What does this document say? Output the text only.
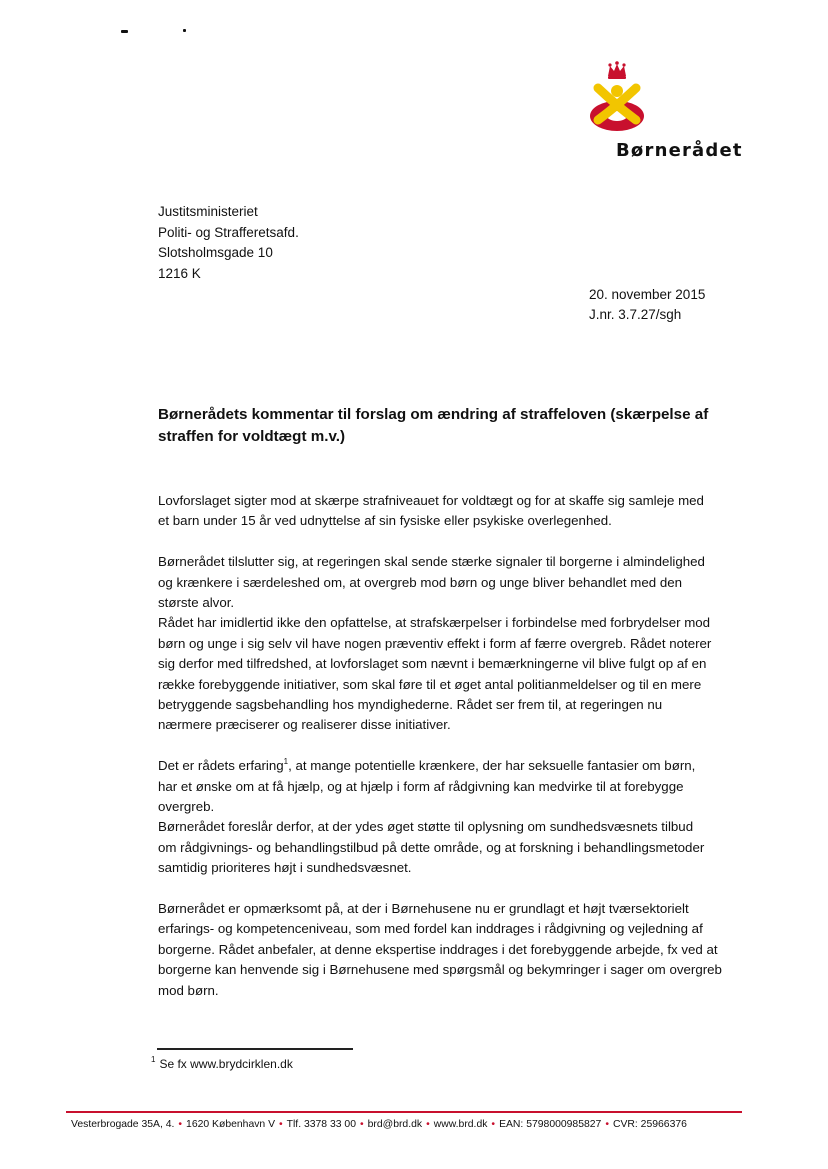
Børnerådet
Justitsministeriet
Politi- og Strafferetsafd.
Slotsholmsgade 10
1216 K
20. november 2015
J.nr. 3.7.27/sgh
Børnerådets kommentar til forslag om ændring af straffeloven (skærpelse af
straffen for voldtægt m.v.)

Lovforslaget sigter mod at skærpe strafniveauet for voldtægt og for at skaffe sig samleje med
et barn under 15 år ved udnyttelse af sin fysiske eller psykiske overlegenhed.

Børnerådet tilslutter sig, at regeringen skal sende stærke signaler til borgerne i almindelighed
og krænkere i særdeleshed om, at overgreb mod børn og unge bliver behandlet med den
største alvor.

Rådet har imidlertid ikke den opfattelse, at strafskærpelser i forbindelse med forbrydelser mod
børn og unge i sig selv vil have nogen præventiv effekt i form af færre overgreb. Rådet noterer
sig derfor med tilfredshed, at lovforslaget som nævnt i bemærkningerne vil blive fulgt op af en
række forebyggende initiativer, som skal føre til et øget antal politianmeldelser og til en mere
betryggende sagsbehandling hos myndighederne. Rådet ser frem til, at regeringen nu
nærmere præciserer og realiserer disse initiativer.

Det er rådets erfaring$^1$, at mange potentielle krænkere, der har seksuelle fantasier om børn,
har et ønske om at få hjælp, og at hjælp i form af rådgivning kan medvirke til at forebygge
overgreb.

Børnerådet foreslår derfor, at der ydes øget støtte til oplysning om sundhedsvæsnets tilbud
om rådgivnings- og behandlingstilbud på dette område, og at forskning i behandlingsmetoder
samtidig prioriteres højt i sundhedsvæsnet.

Børnerådet er opmærksomt på, at der i Børnehusene nu er grundlagt et højt tværsektorielt
erfarings- og kompetenceniveau, som med fordel kan inddrages i rådgivning og vejledning af
borgerne. Rådet anbefaler, at denne ekspertise inddrages i det forebyggende arbejde, fx ved at
borgerne kan henvende sig i Børnehusene med spørgsmål og bekymringer i sager om overgreb
mod børn.

$^1$ Se fx www.brydcirklen.dk
Vesterbrogade 35A, 4. • 1620 København V • Tlf. 3378 33 00 • brd@brd.dk • www.brd.dk • EAN: 5798000985827 • CVR: 25966376
